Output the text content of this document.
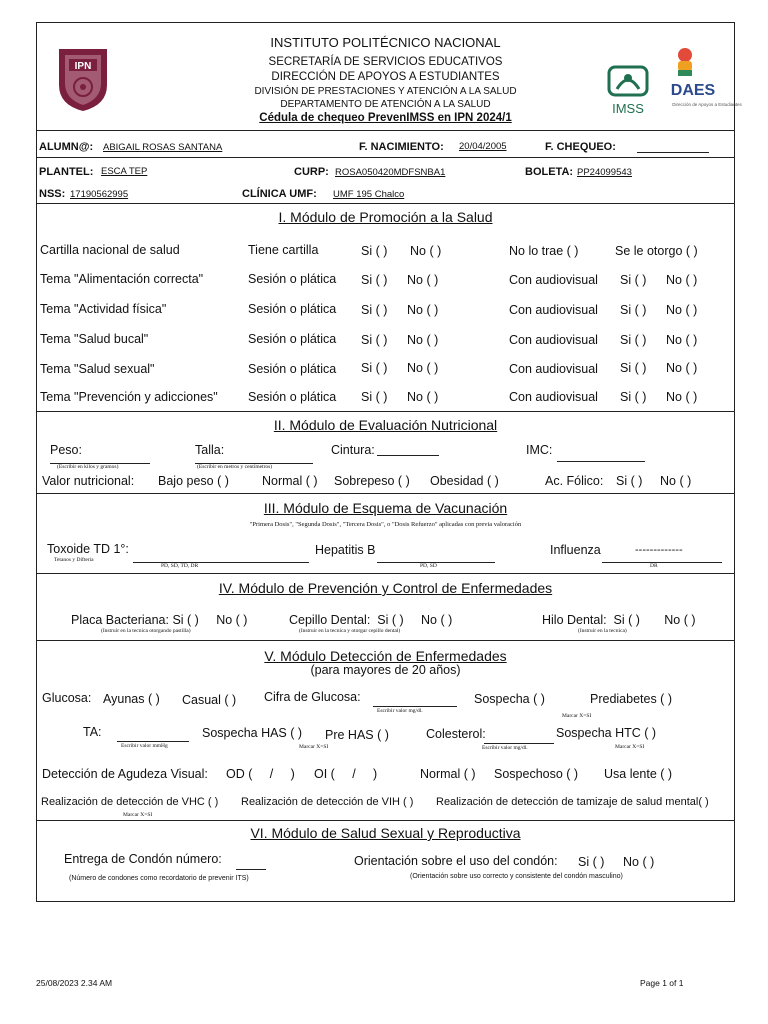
IPN
INSTITUTO POLITÉCNICO NACIONAL
SECRETARÍA DE SERVICIOS EDUCATIVOS
DIRECCIÓN DE APOYOS A ESTUDIANTES
DIVISIÓN DE PRESTACIONES Y ATENCIÓN A LA SALUD
DEPARTAMENTO DE ATENCIÓN A LA SALUD
Cédula de chequeo PrevenIMSS en IPN 2024/1
IMSS
DAES
Dirección de Apoyos a Estudiantes
ALUMN@: ABIGAIL ROSAS SANTANA	F. NACIMIENTO: 20/04/2005	F. CHEQUEO:
PLANTEL: ESCA TEP	CURP: ROSA050420MDFSNBA1	BOLETA: PP24099543
NSS: 17190562995	CLÍNICA UMF: UMF 195 Chalco
I. Módulo de Promoción a la Salud
Cartilla nacional de salud	Tiene cartilla	Si ( ) No ( )	No lo trae ( )	Se le otorgo ( )
Tema "Alimentación correcta"	Sesión o plática Si ( ) No ( )	Con audiovisual Si ( ) No ( )
Tema "Actividad física"	Sesión o plática Si ( ) No ( )	Con audiovisual Si ( ) No ( )
Tema "Salud bucal"	Sesión o plática Si ( ) No ( )	Con audiovisual Si ( ) No ( )
Tema "Salud sexual"	Sesión o plática Si ( ) No ( )	Con audiovisual Si ( ) No ( )
Tema "Prevención y adicciones" Sesión o plática Si ( ) No ( )	Con audiovisual Si ( ) No ( )
II. Módulo de Evaluación Nutricional
Peso:
(Escribir en kilos y gramos)
Talla:
(Escribir en metros y centímetros)
Cintura:	IMC:
Valor nutricional: Bajo peso ( )	Normal ( ) Sobrepeso ( ) Obesidad ( )	Ac. Fólico: Si ( ) No ( )
III. Módulo de Esquema de Vacunación
"Primera Dosis", "Segunda Dosis", "Tercera Dosis", o "Dosis Refuerzo" aplicadas con previa valoración
Toxoide TD 1°:
Tetanos y Difteria
PD, SD, TD, DR
Hepatitis B
PD, SD
Influenza	-------------
DR
IV. Módulo de Prevención y Control de Enfermedades
Placa Bacteriana: Si ( )     No ( )
(Instruir en la tecnica otorgando pastilla)
Cepillo Dental:  Si ( )     No ( )
(Instruir en la tecnica y otorgar cepillo dental)
Hilo Dental:  Si ( )       No ( )
(Instruir en la tecnica)
V. Módulo Detección de Enfermedades
(para mayores de 20 años)
Glucosa: Ayunas ( ) Casual ( ) Cifra de Glucosa:
Escribir valor mg/dl.
Sospecha ( )
Marcar X=SI
Prediabetes ( )
TA:
Escribir valor mmHg
Sospecha HAS ( )
Marcar X=SI
Pre HAS ( )	Colesterol:
Escribir valor mg/dl.
Sospecha HTC ( )
Marcar X=SI
Detección de Agudeza Visual: OD (     /     ) OI (     /     )	Normal ( ) Sospechoso ( ) Usa lente ( )
Realización de detección de VHC ( )
Marcar X=SI
Realización de detección de VIH ( ) Realización de detección de tamizaje de salud mental( )
VI. Módulo de Salud Sexual y Reproductiva
Entrega de Condón número:
(Número de condones como recordatorio de prevenir ITS)
Orientación sobre el uso del condón: Si ( ) No ( )
(Orientación sobre uso correcto y consistente del condón masculino)
25/08/2023 2.34 AM	Page 1 of 1
